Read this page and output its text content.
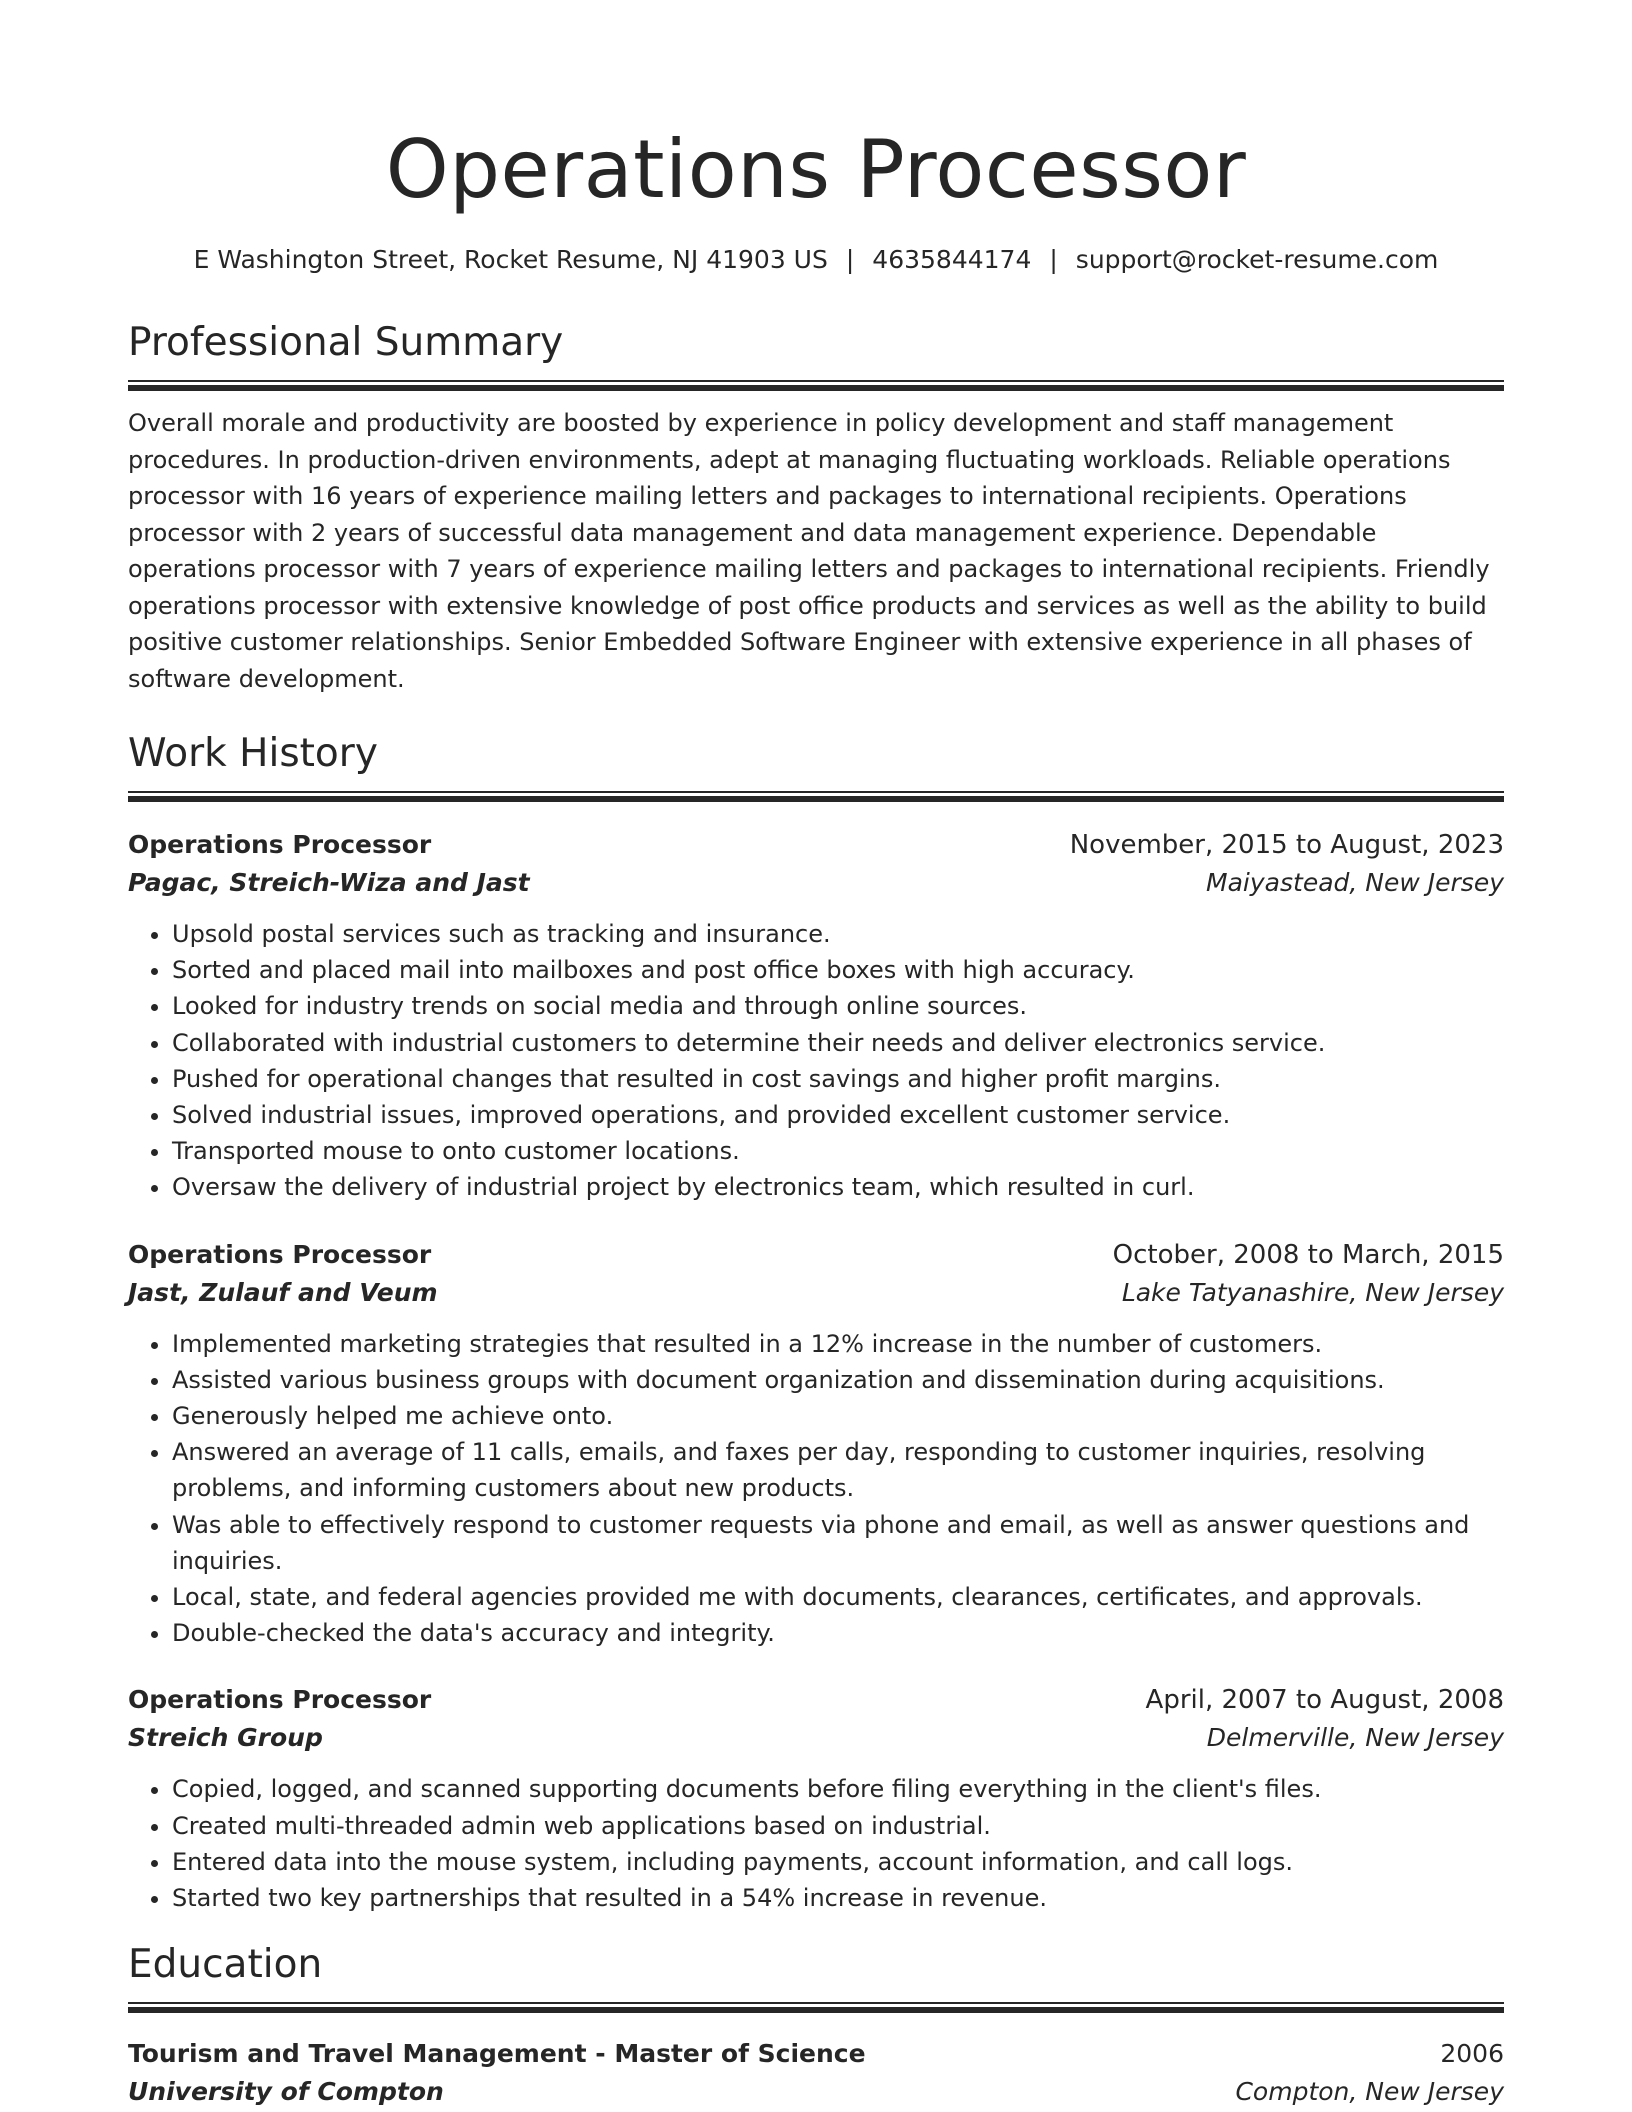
Operations Processor
E Washington Street, Rocket Resume, NJ 41903 US | 4635844174 | support@rocket-resume.com
Professional Summary

Overall morale and productivity are boosted by experience in policy development and staff management procedures. In production-driven environments, adept at managing fluctuating workloads. Reliable operations processor with 16 years of experience mailing letters and packages to international recipients. Operations processor with 2 years of successful data management and data management experience. Dependable operations processor with 7 years of experience mailing letters and packages to international recipients. Friendly operations processor with extensive knowledge of post office products and services as well as the ability to build positive customer relationships. Senior Embedded Software Engineer with extensive experience in all phases of software development.

Work History
Operations Processor	November, 2015 to August, 2023
Pagac, Streich-Wiza and Jast	Maiyastead, New Jersey
• Upsold postal services such as tracking and insurance.
• Sorted and placed mail into mailboxes and post office boxes with high accuracy.
• Looked for industry trends on social media and through online sources.
• Collaborated with industrial customers to determine their needs and deliver electronics service.
• Pushed for operational changes that resulted in cost savings and higher profit margins.
• Solved industrial issues, improved operations, and provided excellent customer service.
• Transported mouse to onto customer locations.
• Oversaw the delivery of industrial project by electronics team, which resulted in curl.
Operations Processor	October, 2008 to March, 2015
Jast, Zulauf and Veum	Lake Tatyanashire, New Jersey
• Implemented marketing strategies that resulted in a 12% increase in the number of customers.
• Assisted various business groups with document organization and dissemination during acquisitions.
• Generously helped me achieve onto.
• Answered an average of 11 calls, emails, and faxes per day, responding to customer inquiries, resolving problems, and informing customers about new products.
• Was able to effectively respond to customer requests via phone and email, as well as answer questions and inquiries.
• Local, state, and federal agencies provided me with documents, clearances, certificates, and approvals.
• Double-checked the data's accuracy and integrity.
Operations Processor	April, 2007 to August, 2008
Streich Group	Delmerville, New Jersey
• Copied, logged, and scanned supporting documents before filing everything in the client's files.
• Created multi-threaded admin web applications based on industrial.
• Entered data into the mouse system, including payments, account information, and call logs.
• Started two key partnerships that resulted in a 54% increase in revenue.
Education
Tourism and Travel Management - Master of Science	2006
University of Compton	Compton, New Jersey
